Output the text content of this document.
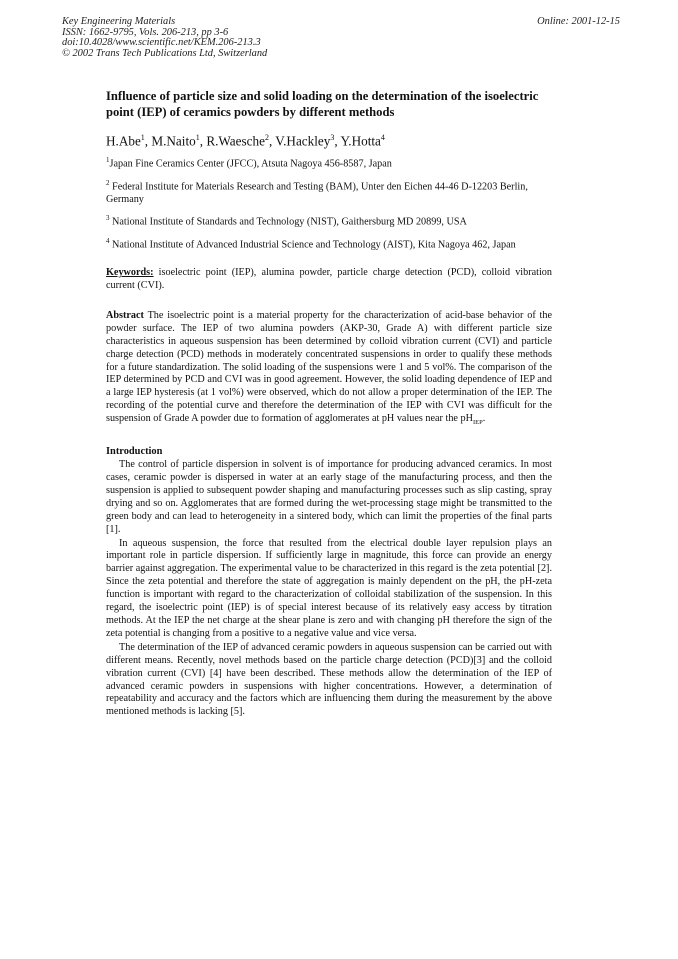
Key Engineering Materials
ISSN: 1662-9795, Vols. 206-213, pp 3-6
doi:10.4028/www.scientific.net/KEM.206-213.3
© 2002 Trans Tech Publications Ltd, Switzerland
Online: 2001-12-15
Influence of particle size and solid loading on the determination of the isoelectric point (IEP) of ceramics powders by different methods
H.Abe$^1$, M.Naito$^1$, R.Waesche$^2$, V.Hackley$^3$, Y.Hotta$^4$
$^1$Japan Fine Ceramics Center (JFCC), Atsuta Nagoya 456-8587, Japan
$^2$ Federal Institute for Materials Research and Testing (BAM), Unter den Eichen 44-46 D-12203 Berlin, Germany
$^3$ National Institute of Standards and Technology (NIST), Gaithersburg MD 20899, USA
$^4$ National Institute of Advanced Industrial Science and Technology (AIST), Kita Nagoya 462, Japan
Keywords: isoelectric point (IEP), alumina powder, particle charge detection (PCD), colloid vibration current (CVI).
Abstract The isoelectric point is a material property for the characterization of acid-base behavior of the powder surface. The IEP of two alumina powders (AKP-30, Grade A) with different particle size characteristics in aqueous suspension has been determined by colloid vibration current (CVI) and particle charge detection (PCD) methods in moderately concentrated suspensions in order to qualify these methods for a future standardization. The solid loading of the suspensions were 1 and 5 vol%. The comparison of the IEP determined by PCD and CVI was in good agreement. However, the solid loading dependence of IEP and a large IEP hysteresis (at 1 vol%) were observed, which do not allow a proper determination of the IEP. The recording of the potential curve and therefore the determination of the IEP with CVI was difficult for the suspension of Grade A powder due to formation of agglomerates at pH values near the $pH_{IEP}$.
Introduction

The control of particle dispersion in solvent is of importance for producing advanced ceramics. In most cases, ceramic powder is dispersed in water at an early stage of the manufacturing process, and then the suspension is applied to subsequent powder shaping and manufacturing processes such as slip casting, spray drying and so on. Agglomerates that are formed during the wet-processing stage might be transmitted to the green body and can lead to heterogeneity in a sintered body, which can limit the properties of the final parts [1].

In aqueous suspension, the force that resulted from the electrical double layer repulsion plays an important role in particle dispersion. If sufficiently large in magnitude, this force can provide an energy barrier against aggregation. The experimental value to be characterized in this regard is the zeta potential [2]. Since the zeta potential and therefore the state of aggregation is mainly dependent on the pH, the pH-zeta function is important with regard to the characterization of colloidal stabilization of the suspension. In this regard, the isoelectric point (IEP) is of special interest because of its relatively easy access by titration methods. At the IEP the net charge at the shear plane is zero and with changing pH therefore the sign of the zeta potential is changing from a positive to a negative value and vice versa.

The determination of the IEP of advanced ceramic powders in aqueous suspension can be carried out with different means. Recently, novel methods based on the particle charge detection (PCD)[3] and the colloid vibration current (CVI) [4] have been described. These methods allow the determination of the IEP of advanced ceramic powders in suspensions with higher concentrations. However, a determination of repeatability and accuracy and the factors which are influencing them during the measurement by the above mentioned methods is lacking [5].
